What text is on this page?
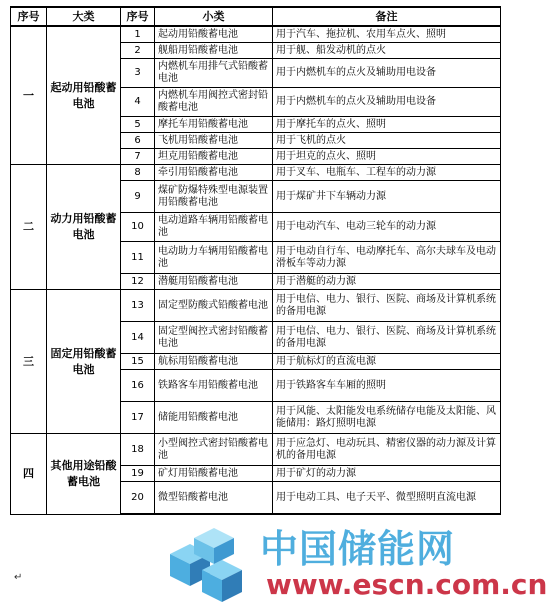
序号	大类	序号	小类	备注
一	起动用铅酸蓄电池	1	起动用铅酸蓄电池	用于汽车、拖拉机、农用车点火、照明
		2	舰船用铅酸蓄电池	用于舰、船发动机的点火
		3	内燃机车用排气式铅酸蓄电池	用于内燃机车的点火及辅助用电设备
		4	内燃机车用阀控式密封铅酸蓄电池	用于内燃机车的点火及辅助用电设备
		5	摩托车用铅酸蓄电池	用于摩托车的点火、照明
		6	飞机用铅酸蓄电池	用于飞机的点火
		7	坦克用铅酸蓄电池	用于坦克的点火、照明
二	动力用铅酸蓄电池	8	牵引用铅酸蓄电池	用于叉车、电瓶车、工程车的动力源
		9	煤矿防爆特殊型电源装置用铅酸蓄电池	用于煤矿井下车辆动力源
		10	电动道路车辆用铅酸蓄电池	用于电动汽车、电动三轮车的动力源
		11	电动助力车辆用铅酸蓄电池	用于电动自行车、电动摩托车、高尔夫球车及电动滑板车等动力源
		12	潜艇用铅酸蓄电池	用于潜艇的动力源
三	固定用铅酸蓄电池	13	固定型防酸式铅酸蓄电池	用于电信、电力、银行、医院、商场及计算机系统的备用电源
		14	固定型阀控式密封铅酸蓄电池	用于电信、电力、银行、医院、商场及计算机系统的备用电源
		15	航标用铅酸蓄电池	用于航标灯的直流电源
		16	铁路客车用铅酸蓄电池	用于铁路客车车厢的照明
		17	储能用铅酸蓄电池	用于风能、太阳能发电系统储存电能及太阳能、风能储用：路灯照明电源
四	其他用途铅酸蓄电池	18	小型阀控式密封铅酸蓄电池	用于应急灯、电动玩具、精密仪器的动力源及计算机的备用电源
		19	矿灯用铅酸蓄电池	用于矿灯的动力源
		20	微型铅酸蓄电池	用于电动工具、电子天平、微型照明直流电源
↵
中国储能网
www.escn.com.cn
